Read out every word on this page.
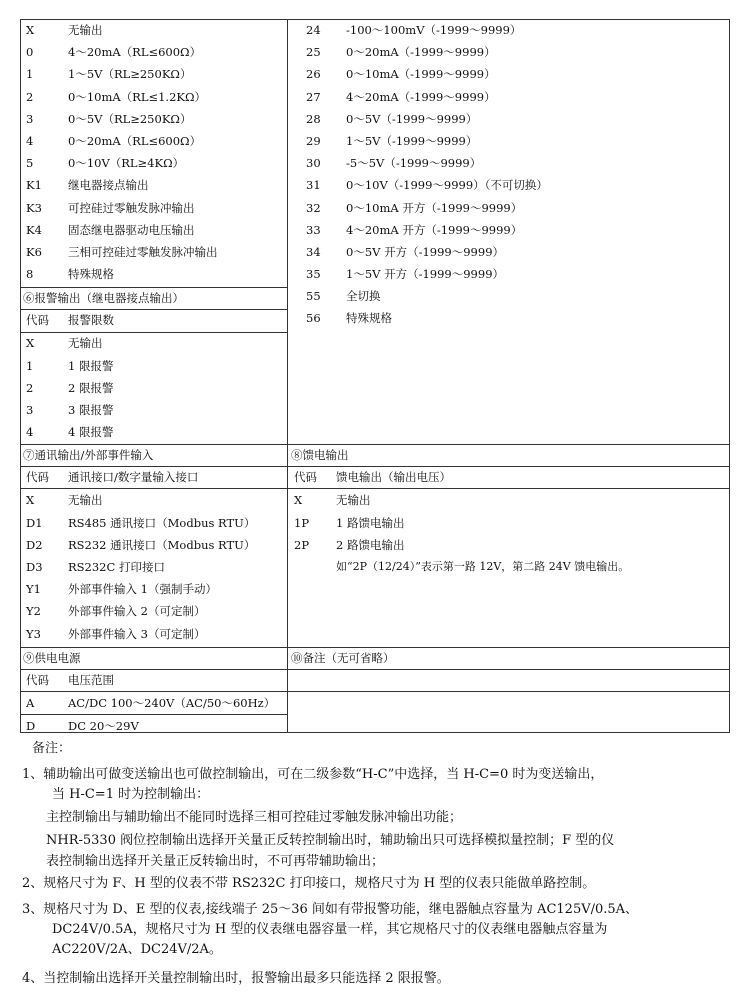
X	无输出
0	4～20mA（RL≤600Ω）
1	1～5V（RL≥250KΩ）
2	0～10mA（RL≤1.2KΩ）
3	0～5V（RL≥250KΩ）
4	0～20mA（RL≤600Ω）
5	0～10V（RL≥4KΩ）
K1 继电器接点输出
K3 可控硅过零触发脉冲输出
K4 固态继电器驱动电压输出
K6 三相可控硅过零触发脉冲输出
8	特殊规格
24 -100～100mV（-1999～9999）
25 0～20mA（-1999～9999）
26 0～10mA（-1999～9999）
27 4～20mA（-1999～9999）
28 0～5V（-1999～9999）
29 1～5V（-1999～9999）
30 -5～5V（-1999～9999）
31 0～10V（-1999～9999）（不可切换）
32 0～10mA 开方（-1999～9999）
33 4～20mA 开方（-1999～9999）
34 0～5V 开方（-1999～9999）
35 1～5V 开方（-1999～9999）
55 全切换
56 特殊规格
⑥报警输出（继电器接点输出）
代码 报警限数
X	无输出
1	1 限报警
2	2 限报警
3	3 限报警
4	4 限报警
⑦通讯输出/外部事件输入
代码 通讯接口/数字量输入接口
X	无输出
D1 RS485 通讯接口（Modbus RTU）
D2 RS232 通讯接口（Modbus RTU）
D3 RS232C 打印接口
Y1 外部事件输入 1（强制手动）
Y2 外部事件输入 2（可定制）
Y3 外部事件输入 3（可定制）
⑧馈电输出
代码 馈电输出（输出电压）
X	无输出
1P 1 路馈电输出
2P 2 路馈电输出
如“2P（12/24）”表示第一路 12V，第二路 24V 馈电输出。
⑨供电电源
代码 电压范围
A	AC/DC 100～240V（AC/50～60Hz）
D	DC 20～29V
⑩备注（无可省略）
备注：
1、辅助输出可做变送输出也可做控制输出，可在二级参数“H-C”中选择，当 H-C=0 时为变送输出，
当 H-C=1 时为控制输出：
主控制输出与辅助输出不能同时选择三相可控硅过零触发脉冲输出功能；
NHR-5330 阀位控制输出选择开关量正反转控制输出时，辅助输出只可选择模拟量控制；F 型的仪
表控制输出选择开关量正反转输出时，不可再带辅助输出；
2、规格尺寸为 F、H 型的仪表不带 RS232C 打印接口，规格尺寸为 H 型的仪表只能做单路控制。
3、规格尺寸为 D、E 型的仪表,接线端子 25～36 间如有带报警功能，继电器触点容量为 AC125V/0.5A、
DC24V/0.5A，规格尺寸为 H 型的仪表继电器容量一样，其它规格尺寸的仪表继电器触点容量为
AC220V/2A、DC24V/2A。
4、当控制输出选择开关量控制输出时，报警输出最多只能选择 2 限报警。
